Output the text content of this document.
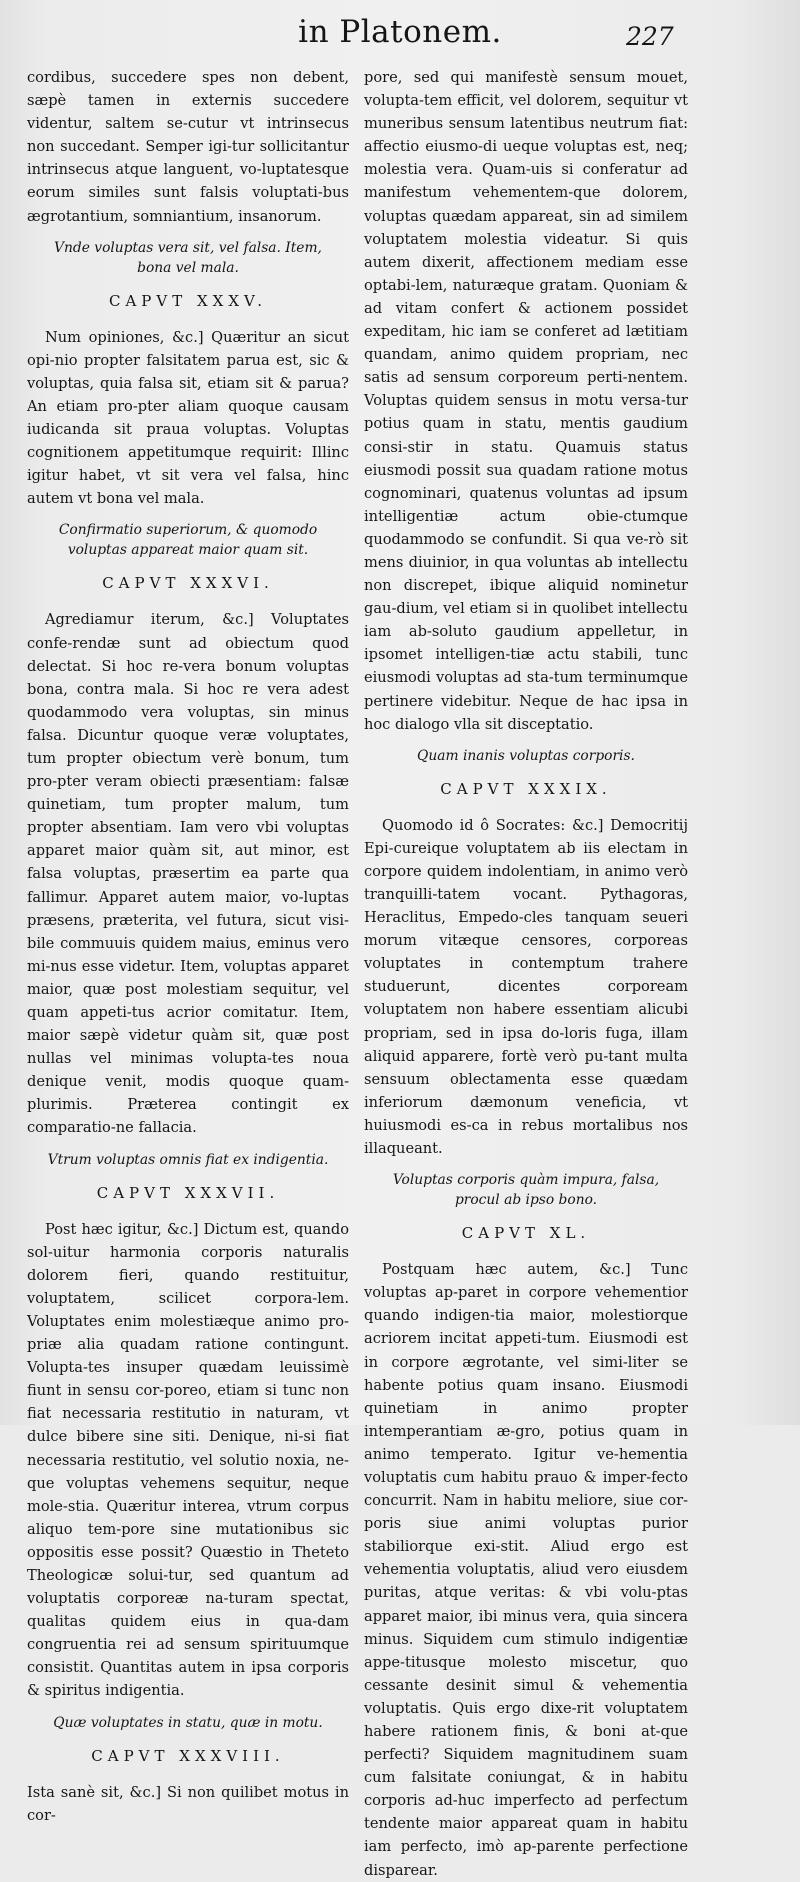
in Platonem.	227

cordibus, succedere spes non debent, sæpè tamen in externis succedere videntur, saltem se-cutur vt intrinsecus non succedant. Semper igi-tur sollicitantur intrinsecus atque languent, vo-luptatesque eorum similes sunt falsis voluptati-bus ægrotantium, somniantium, insanorum.

Vnde voluptas vera sit, vel falsa. Item, bona vel mala.
CAPVT XXXV.

Num opiniones, &c.] Quæritur an sicut opi-nio propter falsitatem parua est, sic & voluptas, quia falsa sit, etiam sit & parua? An etiam pro-pter aliam quoque causam iudicanda sit praua voluptas. Voluptas cognitionem appetitumque requirit: Illinc igitur habet, vt sit vera vel falsa, hinc autem vt bona vel mala.

Confirmatio superiorum, & quomodo voluptas appareat maior quam sit.
CAPVT XXXVI.

Agrediamur iterum, &c.] Voluptates confe-rendæ sunt ad obiectum quod delectat. Si hoc re-vera bonum voluptas bona, contra mala. Si hoc re vera adest quodammodo vera voluptas, sin minus falsa. Dicuntur quoque veræ voluptates, tum propter obiectum verè bonum, tum pro-pter veram obiecti præsentiam: falsæ quinetiam, tum propter malum, tum propter absentiam. Iam vero vbi voluptas apparet maior quàm sit, aut minor, est falsa voluptas, præsertim ea parte qua fallimur. Apparet autem maior, vo-luptas præsens, præterita, vel futura, sicut visi-bile commuuis quidem maius, eminus vero mi-nus esse videtur. Item, voluptas apparet maior, quæ post molestiam sequitur, vel quam appeti-tus acrior comitatur. Item, maior sæpè videtur quàm sit, quæ post nullas vel minimas volupta-tes noua denique venit, modis quoque quam-plurimis. Præterea contingit ex comparatio-ne fallacia.

Vtrum voluptas omnis fiat ex indigentia.
CAPVT XXXVII.

Post hæc igitur, &c.] Dictum est, quando sol-uitur harmonia corporis naturalis dolorem fieri, quando restituitur, voluptatem, scilicet corpora-lem. Voluptates enim molestiæque animo pro-priæ alia quadam ratione contingunt. Volupta-tes insuper quædam leuissimè fiunt in sensu cor-poreo, etiam si tunc non fiat necessaria restitutio in naturam, vt dulce bibere sine siti. Denique, ni-si fiat necessaria restitutio, vel solutio noxia, ne-que voluptas vehemens sequitur, neque mole-stia. Quæritur interea, vtrum corpus aliquo tem-pore sine mutationibus sic oppositis esse possit? Quæstio in Theteto Theologicæ solui-tur, sed quantum ad voluptatis corporeæ na-turam spectat, qualitas quidem eius in qua-dam congruentia rei ad sensum spirituumque consistit. Quantitas autem in ipsa corporis & spiritus indigentia.

Quæ voluptates in statu, quæ in motu.
CAPVT XXXVIII.

Ista sanè sit, &c.] Si non quilibet motus in cor-

pore, sed qui manifestè sensum mouet, volupta-tem efficit, vel dolorem, sequitur vt muneribus sensum latentibus neutrum fiat: affectio eiusmo-di ueque voluptas est, neq; molestia vera. Quam-uis si conferatur ad manifestum vehementem-que dolorem, voluptas quædam appareat, sin ad similem voluptatem molestia videatur. Si quis autem dixerit, affectionem mediam esse optabi-lem, naturæque gratam. Quoniam & ad vitam confert & actionem possidet expeditam, hic iam se conferet ad lætitiam quandam, animo quidem propriam, nec satis ad sensum corporeum perti-nentem. Voluptas quidem sensus in motu versa-tur potius quam in statu, mentis gaudium consi-stir in statu. Quamuis status eiusmodi possit sua quadam ratione motus cognominari, quatenus voluntas ad ipsum intelligentiæ actum obie-ctumque quodammodo se confundit. Si qua ve-rò sit mens diuinior, in qua voluntas ab intellectu non discrepet, ibique aliquid nominetur gau-dium, vel etiam si in quolibet intellectu iam ab-soluto gaudium appelletur, in ipsomet intelligen-tiæ actu stabili, tunc eiusmodi voluptas ad sta-tum terminumque pertinere videbitur. Neque de hac ipsa in hoc dialogo vlla sit disceptatio.

Quam inanis voluptas corporis.
CAPVT XXXIX.

Quomodo id ô Socrates: &c.] Democritij Epi-cureique voluptatem ab iis electam in corpore quidem indolentiam, in animo verò tranquilli-tatem vocant. Pythagoras, Heraclitus, Empedo-cles tanquam seueri morum vitæque censores, corporeas voluptates in contemptum trahere studuerunt, dicentes corpoream voluptatem non habere essentiam alicubi propriam, sed in ipsa do-loris fuga, illam aliquid apparere, fortè verò pu-tant multa sensuum oblectamenta esse quædam inferiorum dæmonum veneficia, vt huiusmodi es-ca in rebus mortalibus nos illaqueant.

Voluptas corporis quàm impura, falsa, procul ab ipso bono.
CAPVT XL.

Postquam hæc autem, &c.] Tunc voluptas ap-paret in corpore vehementior quando indigen-tia maior, molestiorque acriorem incitat appeti-tum. Eiusmodi est in corpore ægrotante, vel simi-liter se habente potius quam insano. Eiusmodi quinetiam in animo propter intemperantiam æ-gro, potius quam in animo temperato. Igitur ve-hementia voluptatis cum habitu prauo & imper-fecto concurrit. Nam in habitu meliore, siue cor-poris siue animi voluptas purior stabiliorque exi-stit. Aliud ergo est vehementia voluptatis, aliud vero eiusdem puritas, atque veritas: & vbi volu-ptas apparet maior, ibi minus vera, quia sincera minus. Siquidem cum stimulo indigentiæ appe-titusque molesto miscetur, quo cessante desinit simul & vehementia voluptatis. Quis ergo dixe-rit voluptatem habere rationem finis, & boni at-que perfecti? Siquidem magnitudinem suam cum falsitate coniungat, & in habitu corporis ad-huc imperfecto ad perfectum tendente maior appareat quam in habitu iam perfecto, imò ap-parente perfectione disparear.
